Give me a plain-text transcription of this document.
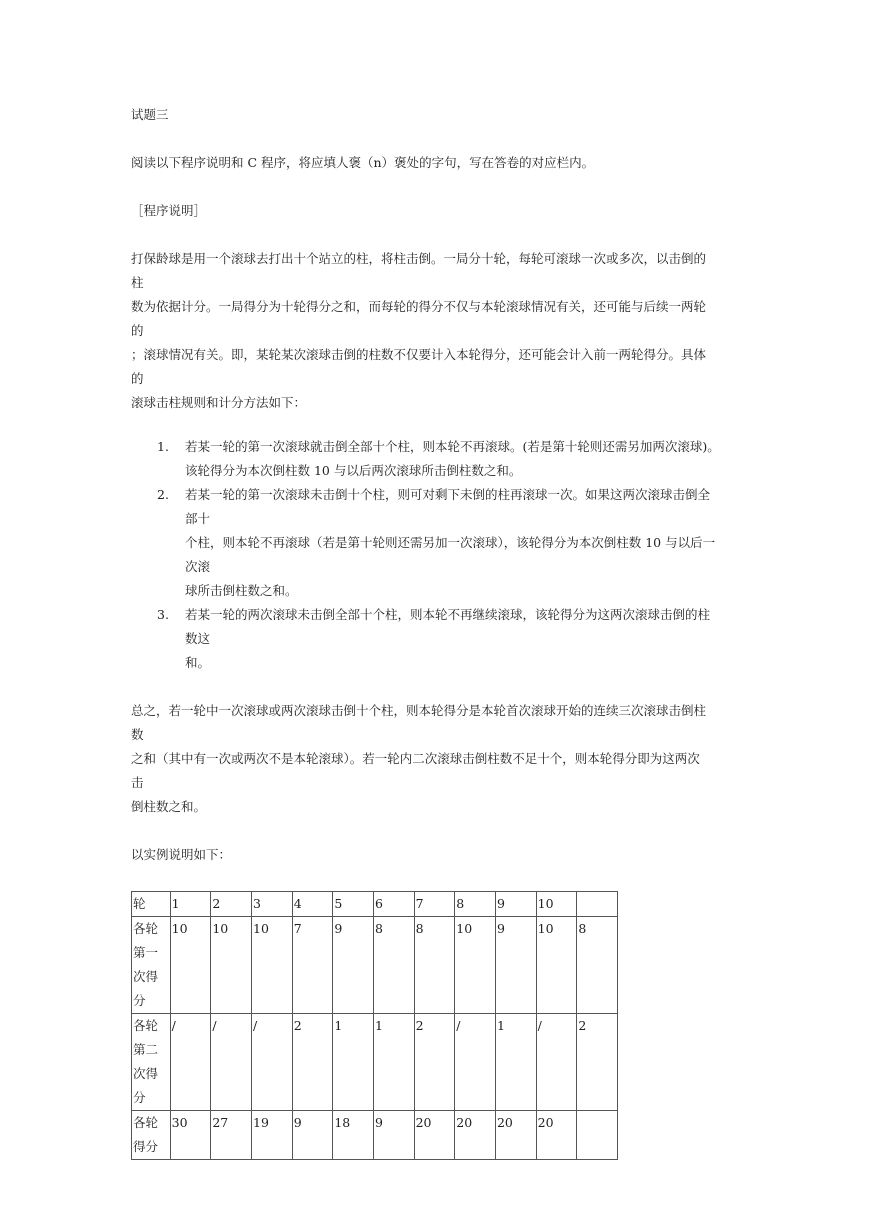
试题三

阅读以下程序说明和 C 程序，将应填人褒（n）褒处的字句，写在答卷的对应栏内。

［程序说明］

打保龄球是用一个滚球去打出十个站立的柱，将柱击倒。一局分十轮，每轮可滚球一次或多次，以击倒的

柱

数为依据计分。一局得分为十轮得分之和，而每轮的得分不仅与本轮滚球情况有关，还可能与后续一两轮

的

；滚球情况有关。即，某轮某次滚球击倒的柱数不仅要计入本轮得分，还可能会计入前一两轮得分。具体

的

滚球击柱规则和计分方法如下：

1. 若某一轮的第一次滚球就击倒全部十个柱，则本轮不再滚球。(若是第十轮则还需另加两次滚球)。

该轮得分为本次倒柱数 10 与以后两次滚球所击倒柱数之和。

2. 若某一轮的第一次滚球未击倒十个柱，则可对剩下未倒的柱再滚球一次。如果这两次滚球击倒全

部十

个柱，则本轮不再滚球（若是第十轮则还需另加一次滚球），该轮得分为本次倒柱数 10 与以后一

次滚

球所击倒柱数之和。

3. 若某一轮的两次滚球未击倒全部十个柱，则本轮不再继续滚球，该轮得分为这两次滚球击倒的柱

数这

和。

总之，若一轮中一次滚球或两次滚球击倒十个柱，则本轮得分是本轮首次滚球开始的连续三次滚球击倒柱

数

之和（其中有一次或两次不是本轮滚球）。若一轮内二次滚球击倒柱数不足十个，则本轮得分即为这两次

击

倒柱数之和。

以实例说明如下：

轮	1	2	3	4	5	6	7	8	9	10	

各轮
第一
次得
分	10	10	10	7	9	8	8	10	9	10	8

各轮
第二
次得
分	/	/	/	2	1	1	2	/	1	/	2

各轮
得分	30	27	19	9	18	9	20	20	20	20	
